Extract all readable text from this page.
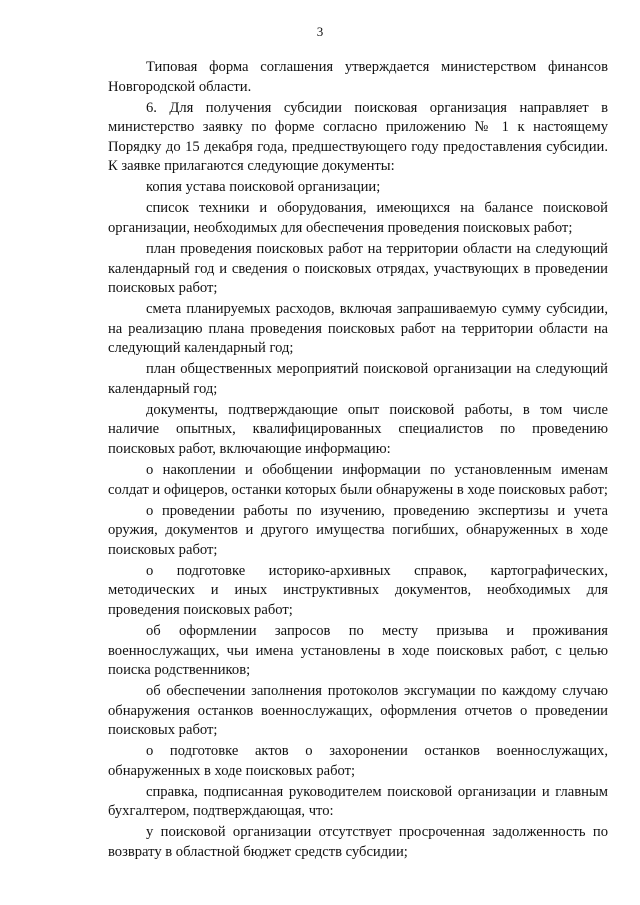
3

Типовая форма соглашения утверждается министерством финансов Новгородской области.

6. Для получения субсидии поисковая организация направляет в министерство заявку по форме согласно приложению № 1 к настоящему Порядку до 15 декабря года, предшествующего году предоставления субсидии. К заявке прилагаются следующие документы:

копия устава поисковой организации;

список техники и оборудования, имеющихся на балансе поисковой организации, необходимых для обеспечения проведения поисковых работ;

план проведения поисковых работ на территории области на следующий календарный год и сведения о поисковых отрядах, участвующих в проведении поисковых работ;

смета планируемых расходов, включая запрашиваемую сумму субсидии, на реализацию плана проведения поисковых работ на территории области на следующий календарный год;

план общественных мероприятий поисковой организации на следующий календарный год;

документы, подтверждающие опыт поисковой работы, в том числе наличие опытных, квалифицированных специалистов по проведению поисковых работ, включающие информацию:

о накоплении и обобщении информации по установленным именам солдат и офицеров, останки которых были обнаружены в ходе поисковых работ;

о проведении работы по изучению, проведению экспертизы и учета оружия, документов и другого имущества погибших, обнаруженных в ходе поисковых работ;

о подготовке историко-архивных справок, картографических, методических и иных инструктивных документов, необходимых для проведения поисковых работ;

об оформлении запросов по месту призыва и проживания военнослужащих, чьи имена установлены в ходе поисковых работ, с целью поиска родственников;

об обеспечении заполнения протоколов эксгумации по каждому случаю обнаружения останков военнослужащих, оформления отчетов о проведении поисковых работ;

о подготовке актов о захоронении останков военнослужащих, обнаруженных в ходе поисковых работ;

справка, подписанная руководителем поисковой организации и главным бухгалтером, подтверждающая, что:

у поисковой организации отсутствует просроченная задолженность по возврату в областной бюджет средств субсидии;
